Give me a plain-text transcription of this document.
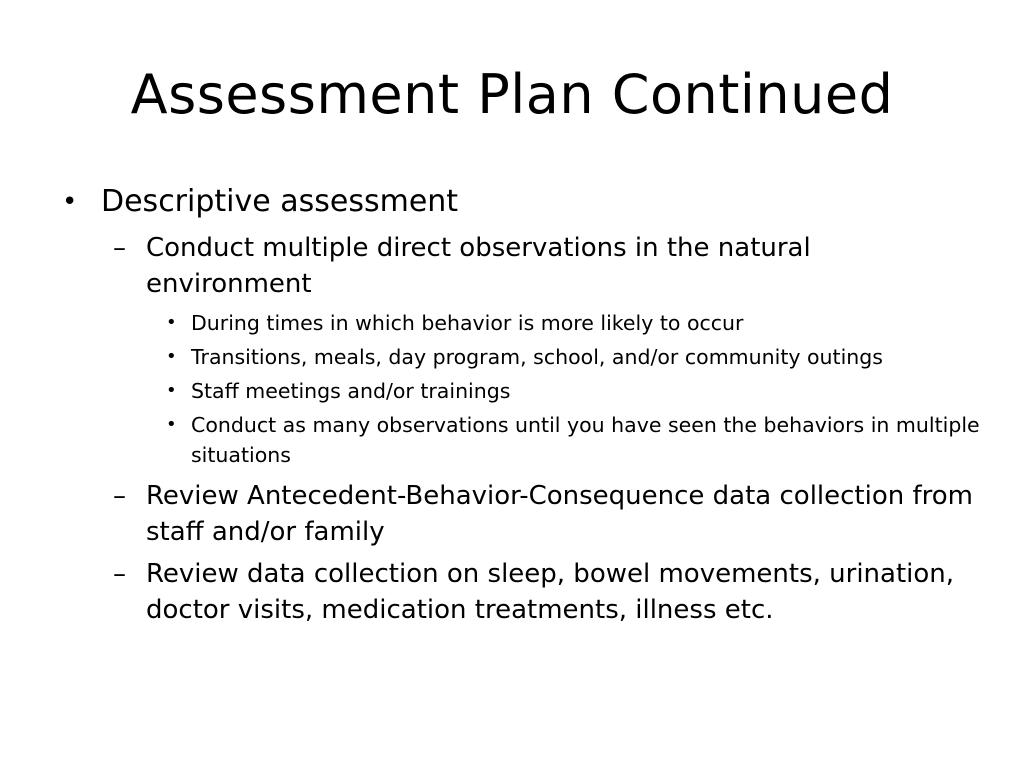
Assessment Plan Continued
• Descriptive assessment
– Conduct multiple direct observations in the natural environment
• During times in which behavior is more likely to occur
• Transitions, meals, day program, school, and/or community outings
• Staff meetings and/or trainings
• Conduct as many observations until you have seen the behaviors in multiple situations
– Review Antecedent-Behavior-Consequence data collection from staff and/or family
– Review data collection on sleep, bowel movements, urination, doctor visits, medication treatments, illness etc.
